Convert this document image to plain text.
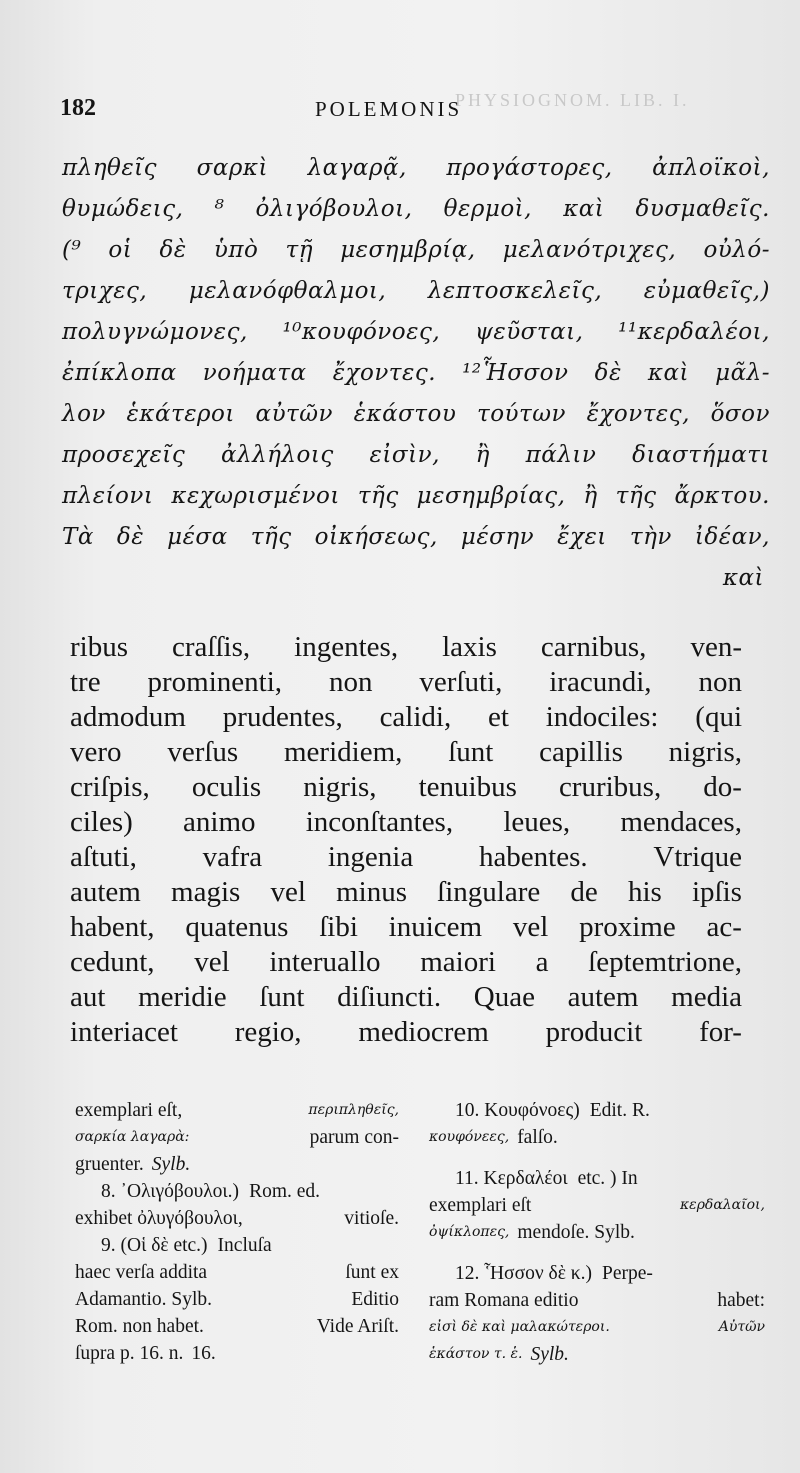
PHYSIOGNOM. LIB. I.
182	POLEMONIS
πληθεῖς σαρκὶ λαγαρᾷ, προγάστορες, ἀπλοϊκοὶ,
θυμώδεις, ⁸ ὀλιγόβουλοι, θερμοὶ, καὶ δυσμαθεῖς.
(⁹ οἱ δὲ ὑπὸ τῇ μεσημβρίᾳ, μελανότριχες, οὐλό-
τριχες, μελανόφθαλμοι, λεπτοσκελεῖς, εὐμαθεῖς,)
πολυγνώμονες, ¹⁰κουφόνοες, ψεῦσται, ¹¹κερδαλέοι,
ἐπίκλοπα νοήματα ἔχοντες. ¹²Ἧσσον δὲ καὶ μᾶλ-
λον ἑκάτεροι αὐτῶν ἑκάστου τούτων ἔχοντες, ὅσον
προσεχεῖς ἀλλήλοις εἰσὶν, ἢ πάλιν διαστήματι
πλείονι κεχωρισμένοι τῆς μεσημβρίας, ἢ τῆς ἄρκτου.
Τὰ δὲ μέσα τῆς οἰκήσεως, μέσην ἔχει τὴν ἰδέαν,
καὶ
ribus craſſis, ingentes, laxis carnibus, ven-
tre prominenti, non verſuti, iracundi, non
admodum prudentes, calidi, et indociles: (qui
vero verſus meridiem, ſunt capillis nigris,
criſpis, oculis nigris, tenuibus cruribus, do-
ciles) animo inconſtantes, leues, mendaces,
aſtuti, vafra ingenia habentes. Vtrique
autem magis vel minus ſingulare de his ipſis
habent, quatenus ſibi inuicem vel proxime ac-
cedunt, vel interuallo maiori a ſeptemtrione,
aut meridie ſunt diſiuncti. Quae autem media
interiacet regio, mediocrem producit for-
exemplari eſt,	περιπληθεῖς,
σαρκία λαγαρὰ:	parum con-
gruenter. Sylb.
8. ᾿Ολιγόβουλοι.) Rom. ed.
exhibet ὀλυγόβουλοι,	vitioſe.
9. (Οἱ δὲ etc.) Incluſa
haec verſa addita	ſunt ex
Adamantio. Sylb.	Editio
Rom. non habet.	Vide Ariſt.
ſupra p. 16. n. 16.
10. Κουφόνοες) Edit. R.
κουφόνεες, falſo.
11. Κερδαλέοι etc. ) In
exemplari eſt	κερδαλαῖοι,
ὀψίκλοπες, mendoſe. Sylb.
12. Ἧσσον δὲ κ.) Perpe-
ram Romana editio	habet:
εἰσὶ δὲ καὶ μαλακώτεροι.	Αὐτῶν
ἑκάστον τ. ἑ. Sylb.
